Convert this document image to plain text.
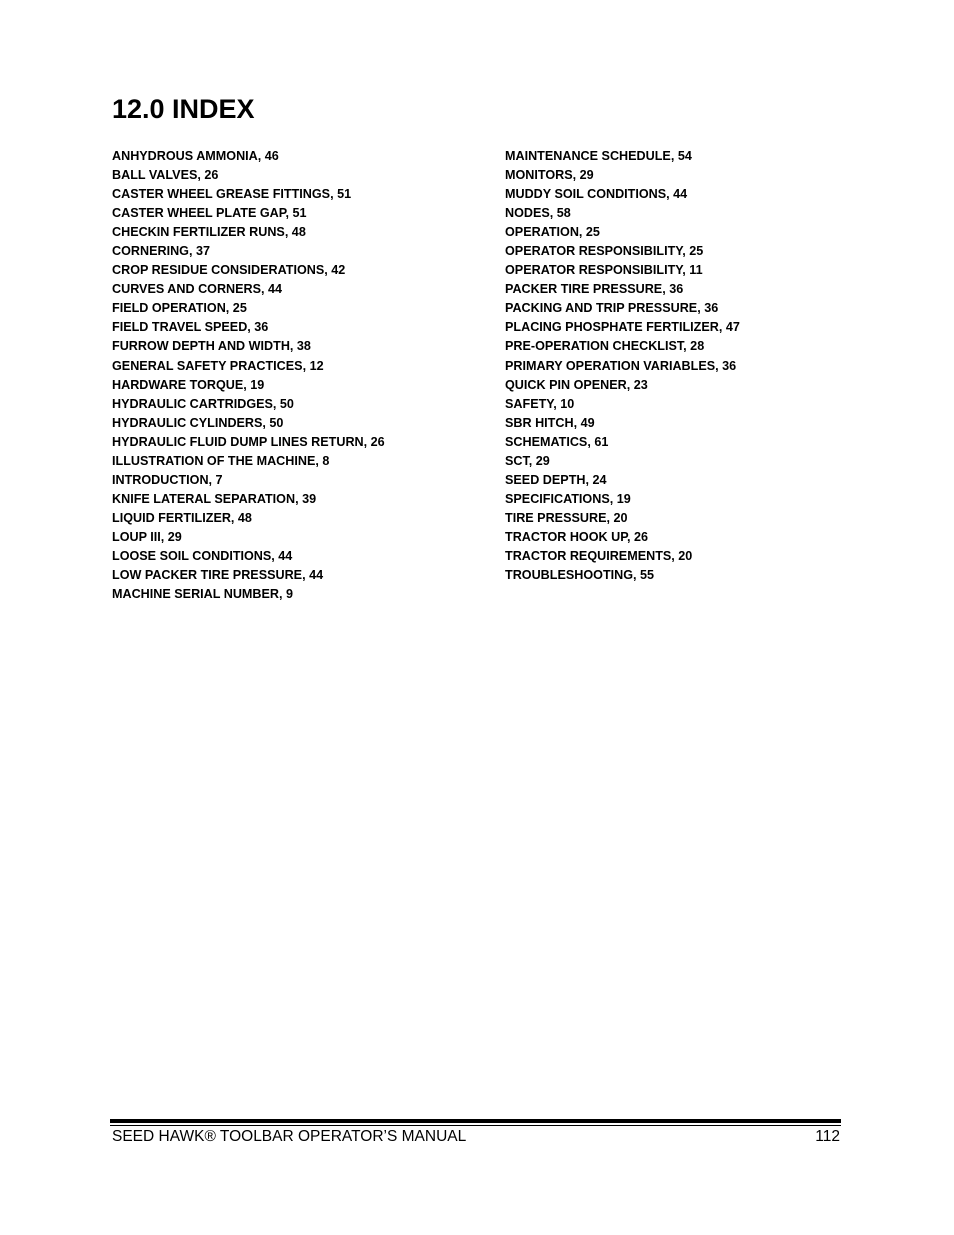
12.0 INDEX
ANHYDROUS AMMONIA, 46
BALL VALVES, 26
CASTER WHEEL GREASE FITTINGS, 51
CASTER WHEEL PLATE GAP, 51
CHECKIN FERTILIZER RUNS, 48
CORNERING, 37
CROP RESIDUE CONSIDERATIONS, 42
CURVES AND CORNERS, 44
FIELD OPERATION, 25
FIELD TRAVEL SPEED, 36
FURROW DEPTH AND WIDTH, 38
GENERAL SAFETY PRACTICES, 12
HARDWARE TORQUE, 19
HYDRAULIC CARTRIDGES, 50
HYDRAULIC CYLINDERS, 50
HYDRAULIC FLUID DUMP LINES RETURN, 26
ILLUSTRATION OF THE MACHINE, 8
INTRODUCTION, 7
KNIFE LATERAL SEPARATION, 39
LIQUID FERTILIZER, 48
LOUP III, 29
LOOSE SOIL CONDITIONS, 44
LOW PACKER TIRE PRESSURE, 44
MACHINE SERIAL NUMBER, 9
MAINTENANCE SCHEDULE, 54
MONITORS, 29
MUDDY SOIL CONDITIONS, 44
NODES, 58
OPERATION, 25
OPERATOR RESPONSIBILITY, 25
OPERATOR RESPONSIBILITY, 11
PACKER TIRE PRESSURE, 36
PACKING AND TRIP PRESSURE, 36
PLACING PHOSPHATE FERTILIZER, 47
PRE-OPERATION CHECKLIST, 28
PRIMARY OPERATION VARIABLES, 36
QUICK PIN OPENER, 23
SAFETY, 10
SBR HITCH, 49
SCHEMATICS, 61
SCT, 29
SEED DEPTH, 24
SPECIFICATIONS, 19
TIRE PRESSURE, 20
TRACTOR HOOK UP, 26
TRACTOR REQUIREMENTS, 20
TROUBLESHOOTING, 55
SEED HAWK® TOOLBAR OPERATOR’S MANUAL	112
